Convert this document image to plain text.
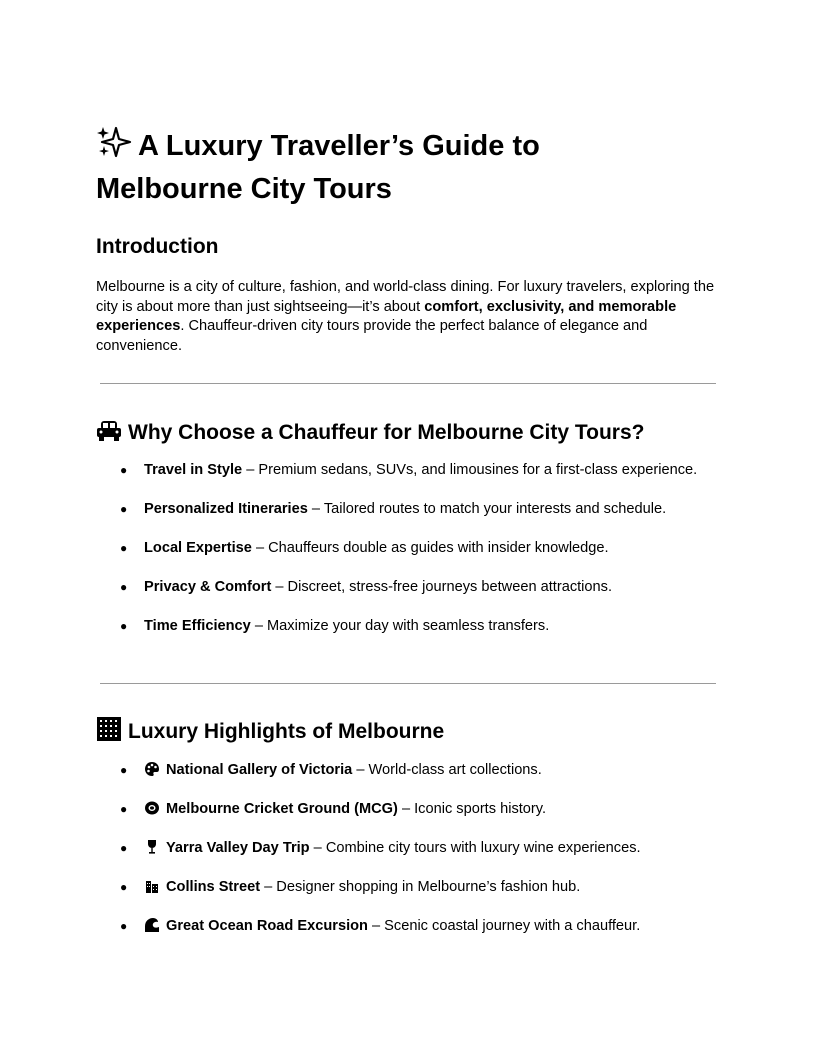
A Luxury Traveller’s Guide to
Melbourne City Tours
Introduction

Melbourne is a city of culture, fashion, and world-class dining. For luxury travelers, exploring the city is about more than just sightseeing—it’s about comfort, exclusivity, and memorable experiences. Chauffeur-driven city tours provide the perfect balance of elegance and convenience.

Why Choose a Chauffeur for Melbourne City Tours?
● Travel in Style – Premium sedans, SUVs, and limousines for a first-class experience.
● Personalized Itineraries – Tailored routes to match your interests and schedule.
● Local Expertise – Chauffeurs double as guides with insider knowledge.
● Privacy & Comfort – Discreet, stress-free journeys between attractions.
● Time Efficiency – Maximize your day with seamless transfers.
Luxury Highlights of Melbourne
●	National Gallery of Victoria – World-class art collections.
●	Melbourne Cricket Ground (MCG) – Iconic sports history.
●	Yarra Valley Day Trip – Combine city tours with luxury wine experiences.
●	Collins Street – Designer shopping in Melbourne’s fashion hub.
●	Great Ocean Road Excursion – Scenic coastal journey with a chauffeur.
